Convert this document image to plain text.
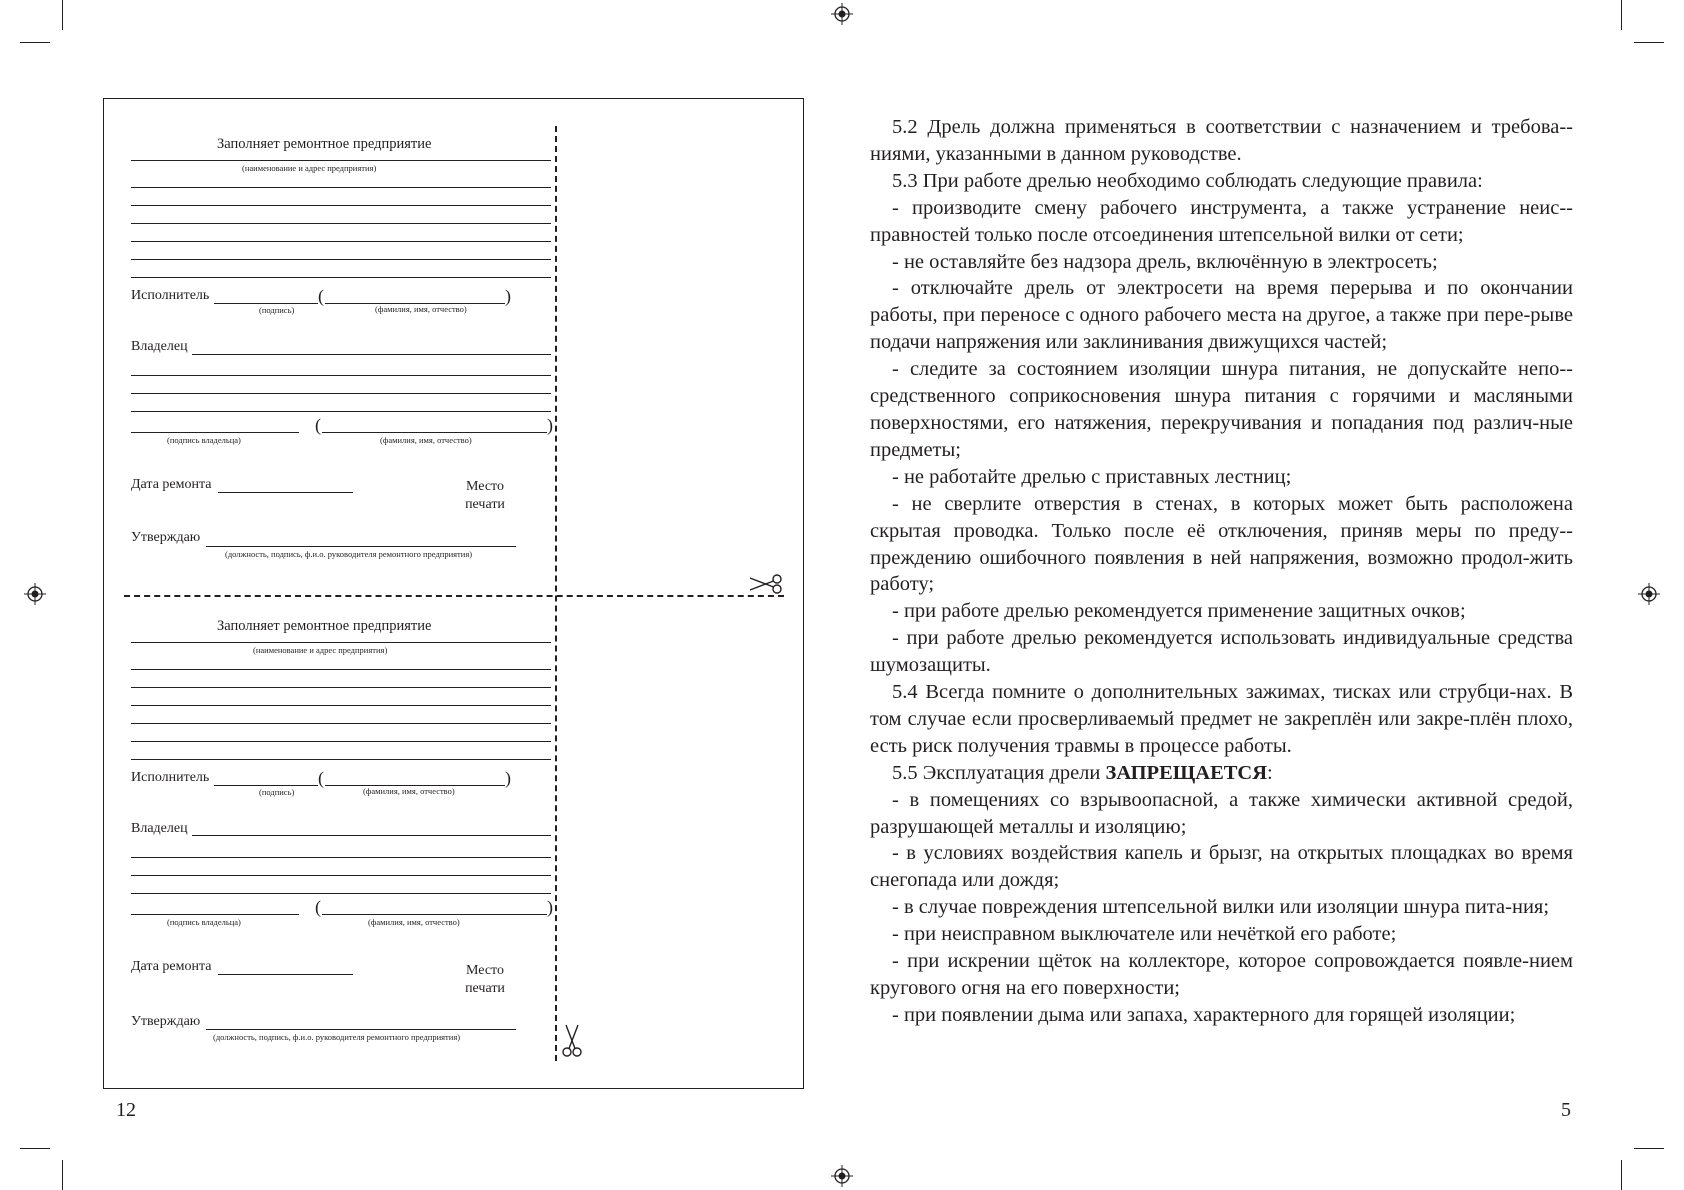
Заполняет ремонтное предприятие
(наименование и адрес предприятия)
Исполнитель	(	)
(подпись)	(фамилия, имя, отчество)
Владелец
(	)
(подпись владельца)	(фамилия, имя, отчество)
Дата ремонта	Место
печати
Утверждаю
(должность, подпись, ф.и.о. руководителя ремонтного предприятия)
Заполняет ремонтное предприятие
(наименование и адрес предприятия)
Исполнитель	(	)
(подпись)	(фамилия, имя, отчество)
Владелец
(	)
(подпись владельца)	(фамилия, имя, отчество)
Дата ремонта	Место
печати
Утверждаю
(должность, подпись, ф.и.о. руководителя ремонтного предприятия)
12

5.2 Дрель должна применяться в соответствии с назначением и требова-ниями, указанными в данном руководстве.

5.3 При работе дрелью необходимо соблюдать следующие правила:

- производите смену рабочего инструмента, а также устранение неис-правностей только после отсоединения штепсельной вилки от сети;

- не оставляйте без надзора дрель, включённую в электросеть;

- отключайте дрель от электросети на время перерыва и по окончании работы, при переносе с одного рабочего места на другое, а также при пере-рыве подачи напряжения или заклинивания движущихся частей;

- следите за состоянием изоляции шнура питания, не допускайте непо-средственного соприкосновения шнура питания с горячими и масляными поверхностями, его натяжения, перекручивания и попадания под различ-ные предметы;

- не работайте дрелью с приставных лестниц;

- не сверлите отверстия в стенах, в которых может быть расположена скрытая проводка. Только после её отключения, приняв меры по преду-преждению ошибочного появления в ней напряжения, возможно продол-жить работу;

- при работе дрелью рекомендуется применение защитных очков;

- при работе дрелью рекомендуется использовать индивидуальные средства шумозащиты.

5.4 Всегда помните о дополнительных зажимах, тисках или струбци-нах. В том случае если просверливаемый предмет не закреплён или закре-плён плохо, есть риск получения травмы в процессе работы.

5.5 Эксплуатация дрели ЗАПРЕЩАЕТСЯ:

- в помещениях со взрывоопасной, а также химически активной средой, разрушающей металлы и изоляцию;

- в условиях воздействия капель и брызг, на открытых площадках во время снегопада или дождя;

- в случае повреждения штепсельной вилки или изоляции шнура пита-ния;

- при неисправном выключателе или нечёткой его работе;

- при искрении щёток на коллекторе, которое сопровождается появле-нием кругового огня на его поверхности;

- при появлении дыма или запаха, характерного для горящей изоляции;

5
